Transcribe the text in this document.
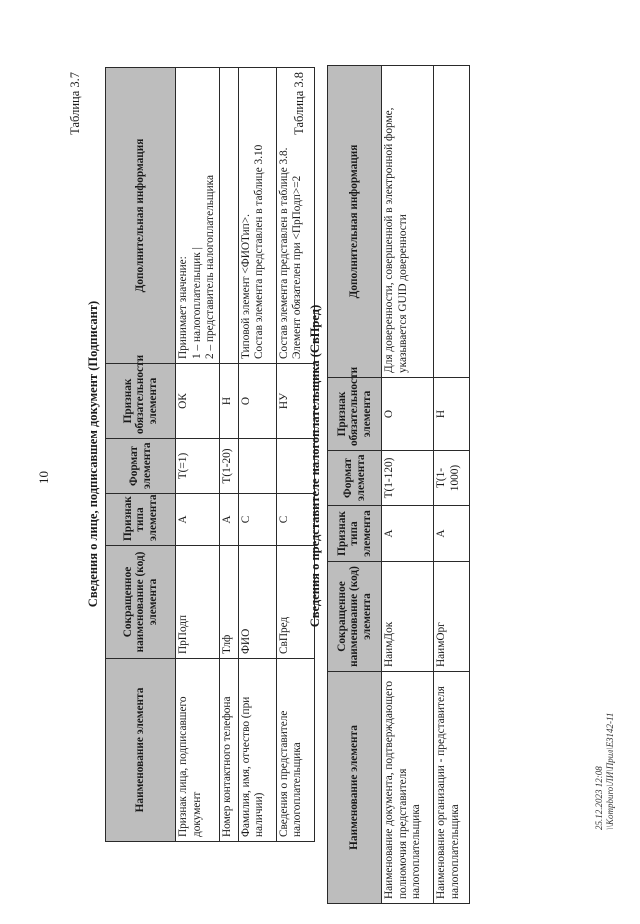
10
Таблица 3.7
Сведения о лице, подписавшем документ (Подписант)
Наименование элемента	Сокращенное наименование (код) элемента	Признак типа элемента	Формат элемента	Признак обязательности элемента	Дополнительная информация

Признак лица, подписавшего документ	ПрПодп	А	Т(=1)	ОК	Принимает значение: 1 – налогоплательщик | 2 – представитель налогоплательщика

Номер контактного телефона	Тлф	А	Т(1-20)	Н	

Фамилия, имя, отчество (при наличии)	ФИО	С		О	Типовой элемент <ФИОТип>. Состав элемента представлен в таблице 3.10

Сведения о представителе налогоплательщика	СвПред	С		НУ	Состав элемента представлен в таблице 3.8. Элемент обязателен при <ПрПодп>=2
Таблица 3.8
Сведения о представителе налогоплательщика (СвПред)
Наименование элемента	Сокращенное наименование (код) элемента	Признак типа элемента	Формат элемента	Признак обязательности элемента	Дополнительная информация

Наименование документа, подтверждающего полномочия представителя налогоплательщика	НаимДок	А	Т(1-120)	О	Для доверенности, совершенной в электронной форме, указывается GUID доверенности

Наименование организации - представителя налогоплательщика	НаимОрг	А	Т(1-1000)	Н	

25.12.2023 12:08 \\Kompburo\ЛИ\Прил\ЕЗ142-11
